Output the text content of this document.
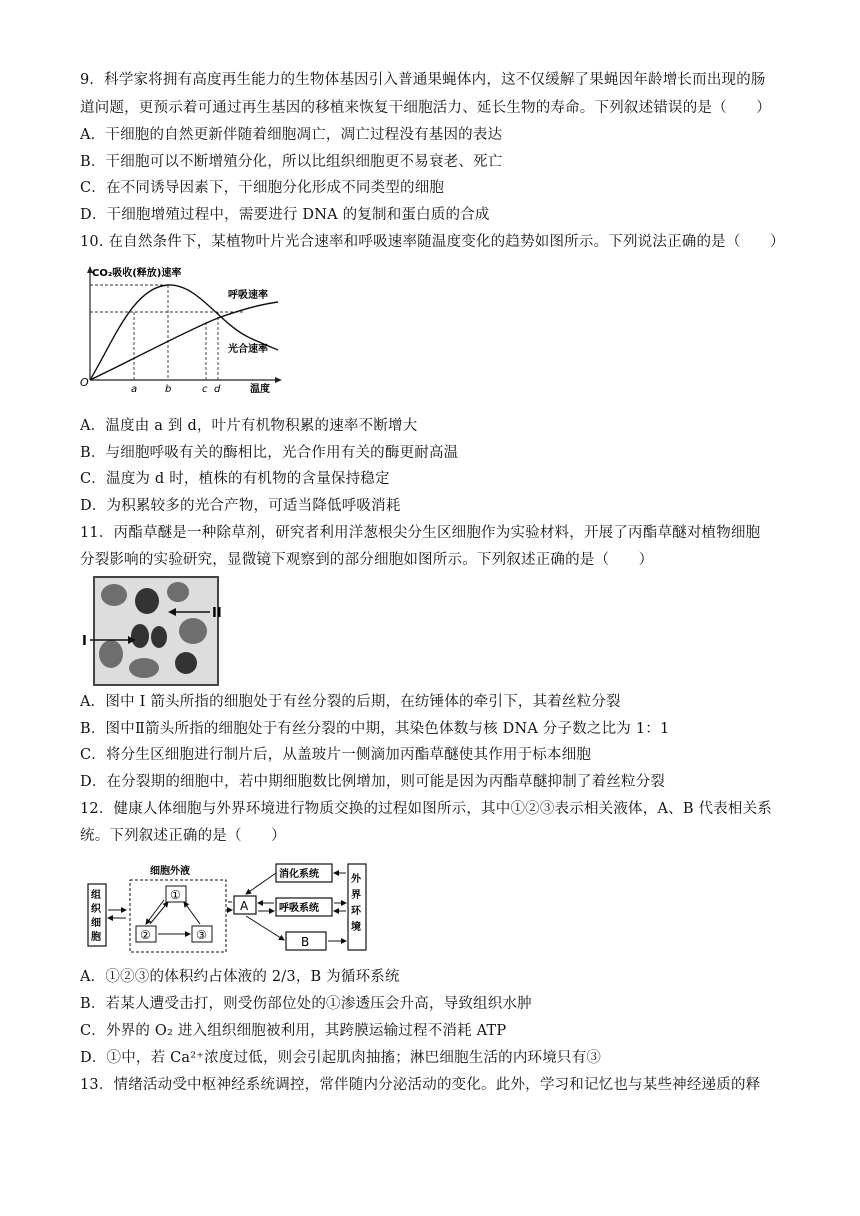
9．科学家将拥有高度再生能力的生物体基因引入普通果蝇体内，这不仅缓解了果蝇因年龄增长而出现的肠
道问题，更预示着可通过再生基因的移植来恢复干细胞活力、延长生物的寿命。下列叙述错误的是（　　）
A．干细胞的自然更新伴随着细胞凋亡，凋亡过程没有基因的表达
B．干细胞可以不断增殖分化，所以比组织细胞更不易衰老、死亡
C．在不同诱导因素下，干细胞分化形成不同类型的细胞
D．干细胞增殖过程中，需要进行 DNA 的复制和蛋白质的合成
10. 在自然条件下，某植物叶片光合速率和呼吸速率随温度变化的趋势如图所示。下列说法正确的是（　　）
CO₂吸收(释放)速率
温度
O
呼吸速率
光合速率
a	b	c d
A．温度由 a 到 d，叶片有机物积累的速率不断增大
B．与细胞呼吸有关的酶相比，光合作用有关的酶更耐高温
C．温度为 d 时，植株的有机物的含量保持稳定
D．为积累较多的光合产物，可适当降低呼吸消耗
11．丙酯草醚是一种除草剂，研究者利用洋葱根尖分生区细胞作为实验材料，开展了丙酯草醚对植物细胞
分裂影响的实验研究，显微镜下观察到的部分细胞如图所示。下列叙述正确的是（　　）
II
I
A．图中 I 箭头所指的细胞处于有丝分裂的后期，在纺锤体的牵引下，其着丝粒分裂
B．图中Ⅱ箭头所指的细胞处于有丝分裂的中期，其染色体数与核 DNA 分子数之比为 1：1
C．将分生区细胞进行制片后，从盖玻片一侧滴加丙酯草醚使其作用于标本细胞
D．在分裂期的细胞中，若中期细胞数比例增加，则可能是因为丙酯草醚抑制了着丝粒分裂
12．健康人体细胞与外界环境进行物质交换的过程如图所示，其中①②③表示相关液体，A、B 代表相关系
统。下列叙述正确的是（　　）
组
织
细
胞
细胞外液
①
②	③
A
消化系统
呼吸系统
B
外
界
环
境
A．①②③的体积约占体液的 2/3，B 为循环系统
B．若某人遭受击打，则受伤部位处的①渗透压会升高，导致组织水肿
C．外界的 O₂ 进入组织细胞被利用，其跨膜运输过程不消耗 ATP
D．①中，若 Ca²⁺浓度过低，则会引起肌肉抽搐；淋巴细胞生活的内环境只有③
13．情绪活动受中枢神经系统调控，常伴随内分泌活动的变化。此外，学习和记忆也与某些神经递质的释
